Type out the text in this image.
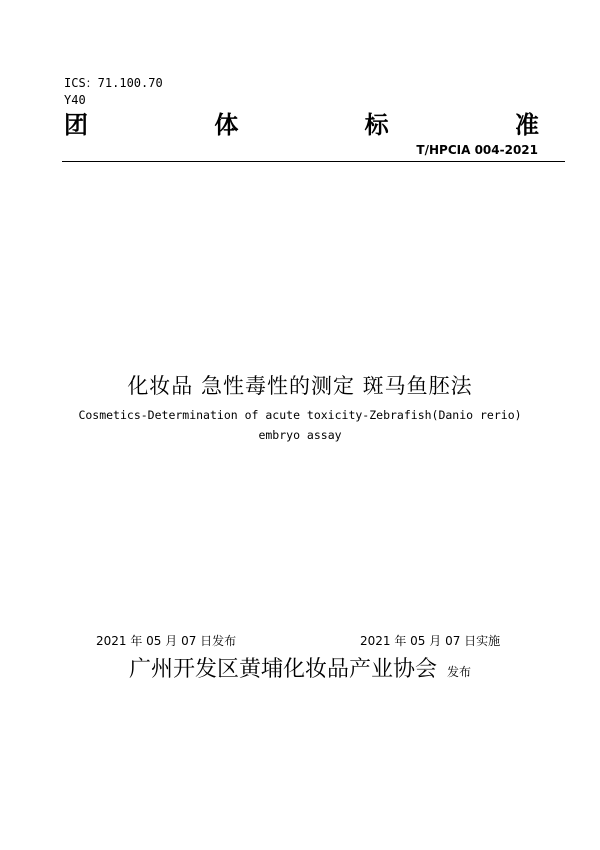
ICS：71.100.70
Y40
团	体	标	准
T/HPCIA 004-2021
化妆品 急性毒性的测定 斑马鱼胚法
Cosmetics-Determination of acute toxicity-Zebrafish(Danio rerio)
embryo assay
2021 年 05 月 07 日发布	2021 年 05 月 07 日实施
广州开发区黄埔化妆品产业协会 发布
